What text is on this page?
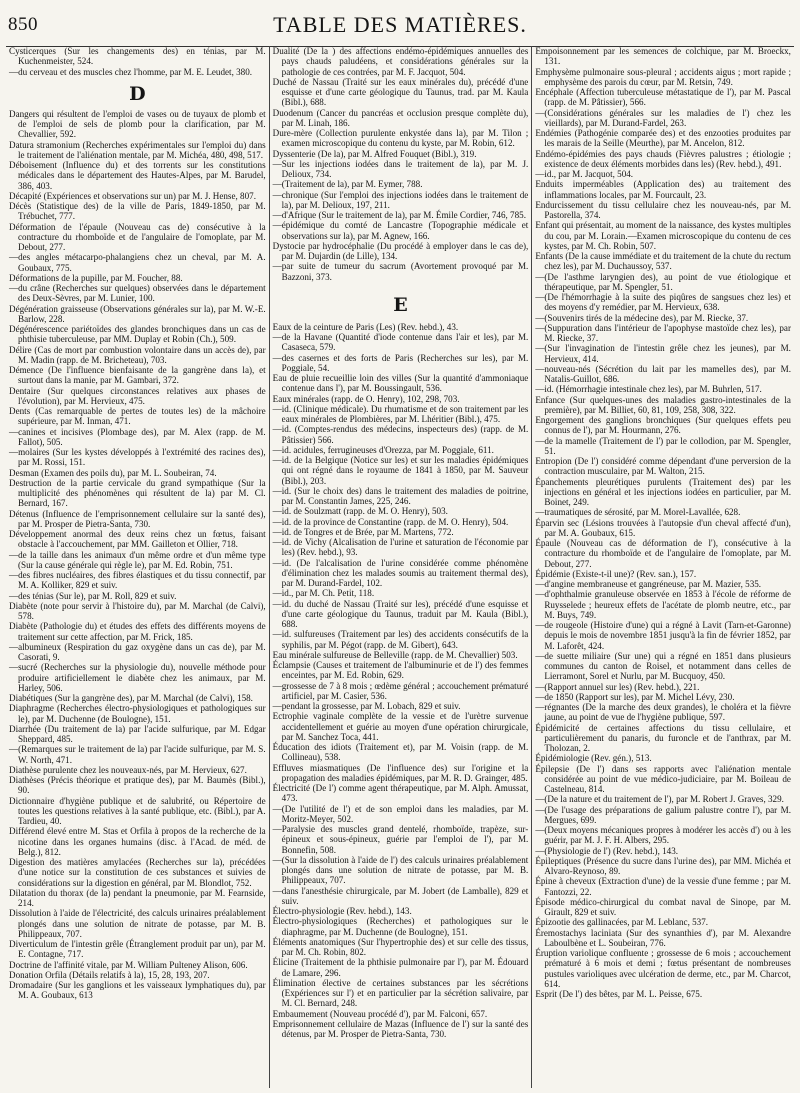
850	TABLE DES MATIÈRES.

Cysticerques (Sur les changements des) en ténias, par M. Kuchenmeister, 524.

—du cerveau et des muscles chez l'homme, par M. E. Leudet, 380.

D

Dangers qui résultent de l'emploi de vases ou de tuyaux de plomb et de l'emploi de sels de plomb pour la clarification, par M. Chevallier, 592.

Datura stramonium (Recherches expérimentales sur l'emploi du) dans le traitement de l'aliénation mentale, par M. Michéa, 480, 498, 517.

Déboisement (Influence du) et des torrents sur les constitutions médicales dans le département des Hautes-Alpes, par M. Barudel, 386, 403.

Décapité (Expériences et observations sur un) par M. J. Hense, 807.

Décès (Statistique des) de la ville de Paris, 1849-1850, par M. Trébuchet, 777.

Déformation de l'épaule (Nouveau cas de) consécutive à la contracture du rhomboïde et de l'angulaire de l'omoplate, par M. Debout, 277.

—des angles métacarpo-phalangiens chez un cheval, par M. A. Goubaux, 775.

Déformations de la pupille, par M. Foucher, 88.

—du crâne (Recherches sur quelques) observées dans le département des Deux-Sèvres, par M. Lunier, 100.

Dégénération graisseuse (Observations générales sur la), par M. W.-E. Barlow, 228.

Dégénérescence pariétoïdes des glandes bronchiques dans un cas de phthisie tuberculeuse, par MM. Duplay et Robin (Ch.), 509.

Délire (Cas de mort par combustion volontaire dans un accès de), par M. Madin (rapp. de M. Bricheteau), 703.

Démence (De l'influence bienfaisante de la gangrène dans la), et surtout dans la manie, par M. Gambari, 372.

Dentaire (Sur quelques circonstances relatives aux phases de l'évolution), par M. Hervieux, 475.

Dents (Cas remarquable de pertes de toutes les) de la mâchoire supérieure, par M. Inman, 471.

—canines et incisives (Plombage des), par M. Alex (rapp. de M. Fallot), 505.

—molaires (Sur les kystes développés à l'extrémité des racines des), par M. Rossi, 151.

Desman (Examen des poils du), par M. L. Soubeiran, 74.

Destruction de la partie cervicale du grand sympathique (Sur la multiplicité des phénomènes qui résultent de la) par M. Cl. Bernard, 167.

Détenus (Influence de l'emprisonnement cellulaire sur la santé des), par M. Prosper de Pietra-Santa, 730.

Développement anormal des deux reins chez un fœtus, faisant obstacle à l'accouchement, par MM. Gailleton et Ollier, 718.

—de la taille dans les animaux d'un même ordre et d'un même type (Sur la cause générale qui règle le), par M. Ed. Robin, 751.

—des fibres nucléaires, des fibres élastiques et du tissu connectif, par M. A. Kolliker, 829 et suiv.

—des ténias (Sur le), par M. Roll, 829 et suiv.

Diabète (note pour servir à l'histoire du), par M. Marchal (de Calvi), 578.

Diabète (Pathologie du) et études des effets des différents moyens de traitement sur cette affection, par M. Frick, 185.

—albumineux (Respiration du gaz oxygène dans un cas de), par M. Casorati, 9.

—sucré (Recherches sur la physiologie du), nouvelle méthode pour produire artificiellement le diabète chez les animaux, par M. Harley, 506.

Diabétiques (Sur la gangrène des), par M. Marchal (de Calvi), 158.

Diaphragme (Recherches électro-physiologiques et pathologiques sur le), par M. Duchenne (de Boulogne), 151.

Diarrhée (Du traitement de la) par l'acide sulfurique, par M. Edgar Sheppard, 485.

—(Remarques sur le traitement de la) par l'acide sulfurique, par M. S. W. North, 471.

Diathèse purulente chez les nouveaux-nés, par M. Hervieux, 627.

Diathèses (Précis théorique et pratique des), par M. Baumès (Bibl.), 90.

Dictionnaire d'hygiène publique et de salubrité, ou Répertoire de toutes les questions relatives à la santé publique, etc. (Bibl.), par A. Tardieu, 40.

Différend élevé entre M. Stas et Orfila à propos de la recherche de la nicotine dans les organes humains (disc. à l'Acad. de méd. de Belg.), 812.

Digestion des matières amylacées (Recherches sur la), précédées d'une notice sur la constitution de ces substances et suivies de considérations sur la digestion en général, par M. Blondlot, 752.

Dilatation du thorax (de la) pendant la pneumonie, par M. Fearnside, 214.

Dissolution à l'aide de l'électricité, des calculs urinaires préalablement plongés dans une solution de nitrate de potasse, par M. B. Philippeaux, 707.

Diverticulum de l'intestin grêle (Étranglement produit par un), par M. E. Contagne, 717.

Doctrine de l'affinité vitale, par M. William Pulteney Alison, 606.

Donation Orfila (Détails relatifs à la), 15, 28, 193, 207.

Dromadaire (Sur les ganglions et les vaisseaux lymphatiques du), par M. A. Goubaux, 613

Dualité (De la ) des affections endémo-épidémiques annuelles des pays chauds paludéens, et considérations générales sur la pathologie de ces contrées, par M. F. Jacquot, 504.

Duché de Nassau (Traité sur les eaux minérales du), précédé d'une esquisse et d'une carte géologique du Taunus, trad. par M. Kaula (Bibl.), 688.

Duodenum (Cancer du pancréas et occlusion presque complète du), par M. Linah, 186.

Dure-mère (Collection purulente enkystée dans la), par M. Tilon ; examen microscopique du contenu du kyste, par M. Robin, 612.

Dyssenterie (De la), par M. Alfred Fouquet (Bibl.), 319.

—Sur les injections iodées dans le traitement de la), par M. J. Delioux, 734.

—(Traitement de la), par M. Eymer, 788.

—chronique (Sur l'emploi des injections iodées dans le traitement de la), par M. Delioux, 197, 211.

—d'Afrique (Sur le traitement de la), par M. Émile Cordier, 746, 785.

—épidémique du comté de Lancastre (Topographie médicale et observations sur la), par M. Agnew, 166.

Dystocie par hydrocéphalie (Du procédé à employer dans le cas de), par M. Dujardin (de Lille), 134.

—par suite de tumeur du sacrum (Avortement provoqué par M. Bazzoni, 373.

E

Eaux de la ceinture de Paris (Les) (Rev. hebd.), 43.

—de la Havane (Quantité d'iode contenue dans l'air et les), par M. Casaseca, 579.

—des casernes et des forts de Paris (Recherches sur les), par M. Poggiale, 54.

Eau de pluie recueillie loin des villes (Sur la quantité d'ammoniaque contenue dans l'), par M. Boussingault, 536.

Eaux minérales (rapp. de O. Henry), 102, 298, 703.

—id. (Clinique médicale). Du rhumatisme et de son traitement par les eaux minérales de Plombières, par M. Lhéritier (Bibl.), 475.

—id. (Comptes-rendus des médecins, inspecteurs des) (rapp. de M. Pâtissier) 566.

—id. acidules, ferrugineuses d'Orezza, par M. Poggiale, 611.

—id. de la Belgique (Notice sur les) et sur les maladies épidémiques qui ont régné dans le royaume de 1841 à 1850, par M. Sauveur (Bibl.), 203.

—id. (Sur le choix des) dans le traitement des maladies de poitrine, par M. Constantin James, 225, 246.

—id. de Soulzmatt (rapp. de M. O. Henry), 503.

—id. de la province de Constantine (rapp. de M. O. Henry), 504.

—id. de Tongres et de Brée, par M. Martens, 772.

—id. de Vichy (Alcalisation de l'urine et saturation de l'économie par les) (Rev. hebd.), 93.

—id. (De l'alcalisation de l'urine considérée comme phénomène d'élimination chez les malades soumis au traitement thermal des), par M. Durand-Fardel, 102.

—id., par M. Ch. Petit, 118.

—id. du duché de Nassau (Traité sur les), précédé d'une esquisse et d'une carte géologique du Taunus, traduit par M. Kaula (Bibl.), 688.

—id. sulfureuses (Traitement par les) des accidents consécutifs de la syphilis, par M. Pégot (rapp. de M. Gibert), 643.

Eau minérale sulfureuse de Belleville (rapp. de M. Chevallier) 503.

Éclampsie (Causes et traitement de l'albuminurie et de l') des femmes enceintes, par M. Ed. Robin, 629.

—grossesse de 7 à 8 mois ; œdème général ; accouchement prématuré artificiel, par M. Casier, 536.

—pendant la grossesse, par M. Lobach, 829 et suiv.

Ectrophie vaginale complète de la vessie et de l'urètre survenue accidentellement et guérie au moyen d'une opération chirurgicale, par M. Sanchez Toca, 441.

Éducation des idiots (Traitement et), par M. Voisin (rapp. de M. Collineau), 538.

Effluves miasmatiques (De l'influence des) sur l'origine et la propagation des maladies épidémiques, par M. R. D. Grainger, 485.

Électricité (De l') comme agent thérapeutique, par M. Alph. Amussat, 473.

—(De l'utilité de l') et de son emploi dans les maladies, par M. Moritz-Meyer, 502.

—Paralysie des muscles grand dentelé, rhomboïde, trapèze, sur-épineux et sous-épineux, guérie par l'emploi de l'), par M. Bonnefin, 508.

—(Sur la dissolution à l'aide de l') des calculs urinaires préalablement plongés dans une solution de nitrate de potasse, par M. B. Philippeaux, 707.

—dans l'anesthésie chirurgicale, par M. Jobert (de Lamballe), 829 et suiv.

Électro-physiologie (Rev. hebd.), 143.

Électro-physiologiques (Recherches) et pathologiques sur le diaphragme, par M. Duchenne (de Boulogne), 151.

Éléments anatomiques (Sur l'hypertrophie des) et sur celle des tissus, par M. Ch. Robin, 802.

Élicine (Traitement de la phthisie pulmonaire par l'), par M. Édouard de Lamare, 296.

Élimination élective de certaines substances par les sécrétions (Expériences sur l') et en particulier par la sécrétion salivaire, par M. Cl. Bernard, 248.

Embaumement (Nouveau procédé d'), par M. Falconi, 657.

Emprisonnement cellulaire de Mazas (Influence de l') sur la santé des détenus, par M. Prosper de Pietra-Santa, 730.

Empoisonnement par les semences de colchique, par M. Broeckx, 131.

Emphysème pulmonaire sous-pleural ; accidents aigus ; mort rapide ; emphysème des parois du cœur, par M. Retsin, 749.

Encéphale (Affection tuberculeuse métastatique de l'), par M. Pascal (rapp. de M. Pâtissier), 566.

—(Considérations générales sur les maladies de l') chez les vieillards), par M. Durand-Fardel, 263.

Endémies (Pathogénie comparée des) et des enzooties produites par les marais de la Seille (Meurthe), par M. Ancelon, 812.

Endémo-épidémies des pays chauds (Fièvres palustres ; étiologie ; existence de deux éléments morbides dans les) (Rev. hebd.), 491.

—id., par M. Jacquot, 504.

Enduits imperméables (Application des) au traitement des inflammations locales, par M. Fourcault, 23.

Endurcissement du tissu cellulaire chez les nouveau-nés, par M. Pastorella, 374.

Enfant qui présentait, au moment de la naissance, des kystes multiples du cou, par M. Lorain.—Examen microscopique du contenu de ces kystes, par M. Ch. Robin, 507.

Enfants (De la cause immédiate et du traitement de la chute du rectum chez les), par M. Duchaussoy, 537.

—(De l'asthme laryngien des), au point de vue étiologique et thérapeutique, par M. Spengler, 51.

—(De l'hémorrhagie à la suite des piqûres de sangsues chez les) et des moyens d'y remédier, par M. Hervieux, 638.

—(Souvenirs tirés de la médecine des), par M. Riecke, 37.

—(Suppuration dans l'intérieur de l'apophyse mastoïde chez les), par M. Riecke, 37.

—(Sur l'invagination de l'intestin grêle chez les jeunes), par M. Hervieux, 414.

—nouveau-nés (Sécrétion du lait par les mamelles des), par M. Natalis-Guillot, 686.

—id. (Hémorrhagie intestinale chez les), par M. Buhrlen, 517.

Enfance (Sur quelques-unes des maladies gastro-intestinales de la première), par M. Billiet, 60, 81, 109, 258, 308, 322.

Engorgement des ganglions bronchiques (Sur quelques effets peu connus de l'), par M. Hourmann, 276.

—de la mamelle (Traitement de l') par le collodion, par M. Spengler, 51.

Entropion (De l') considéré comme dépendant d'une perversion de la contraction musculaire, par M. Walton, 215.

Épanchements pleurétiques purulents (Traitement des) par les injections en général et les injections iodées en particulier, par M. Boinet, 249.

—traumatiques de sérosité, par M. Morel-Lavallée, 628.

Éparvin sec (Lésions trouvées à l'autopsie d'un cheval affecté d'un), par M. A. Goubaux, 615.

Épaule (Nouveau cas de déformation de l'), consécutive à la contracture du rhomboïde et de l'angulaire de l'omoplate, par M. Debout, 277.

Épidémie (Existe-t-il une)? (Rev. san.), 157.

—d'angine membraneuse et gangréneuse, par M. Mazier, 535.

—d'ophthalmie granuleuse observée en 1853 à l'école de réforme de Ruysselede ; heureux effets de l'acétate de plomb neutre, etc., par M. Buys, 749.

—de rougeole (Histoire d'une) qui a régné à Lavit (Tarn-et-Garonne) depuis le mois de novembre 1851 jusqu'à la fin de février 1852, par M. Laforêt, 424.

—de suette miliaire (Sur une) qui a régné en 1851 dans plusieurs communes du canton de Roisel, et notamment dans celles de Lierramont, Sorel et Nurlu, par M. Bucquoy, 450.

—(Rapport annuel sur les) (Rev. hebd.), 221.

—de 1850 (Rapport sur les), par M. Michel Lévy, 230.

—régnantes (De la marche des deux grandes), le choléra et la fièvre jaune, au point de vue de l'hygiène publique, 597.

Épidémicité de certaines affections du tissu cellulaire, et particulièrement du panaris, du furoncle et de l'anthrax, par M. Tholozan, 2.

Épidémiologie (Rev. gén.), 513.

Épilepsie (De l') dans ses rapports avec l'aliénation mentale considérée au point de vue médico-judiciaire, par M. Boileau de Castelneau, 814.

—(De la nature et du traitement de l'), par M. Robert J. Graves, 329.

—(De l'usage des préparations de galium palustre contre l'), par M. Mergues, 699.

—(Deux moyens mécaniques propres à modérer les accès d') ou à les guérir, par M. J. F. H. Albers, 295.

—(Physiologie de l') (Rev. hebd.), 143.

Épileptiques (Présence du sucre dans l'urine des), par MM. Michéa et Alvaro-Reynoso, 89.

Épine à cheveux (Extraction d'une) de la vessie d'une femme ; par M. Fantozzi, 22.

Épisode médico-chirurgical du combat naval de Sinope, par M. Girault, 829 et suiv.

Épizootie des gallinacées, par M. Leblanc, 537.

Éremostachys laciniata (Sur des synanthies d'), par M. Alexandre Laboulbène et L. Soubeiran, 776.

Éruption variolique confluente ; grossesse de 6 mois ; accouchement prématuré à 6 mois et demi ; fœtus présentant de nombreuses pustules varioliques avec ulcération de derme, etc., par M. Charcot, 614.

Esprit (De l') des bêtes, par M. L. Peisse, 675.
